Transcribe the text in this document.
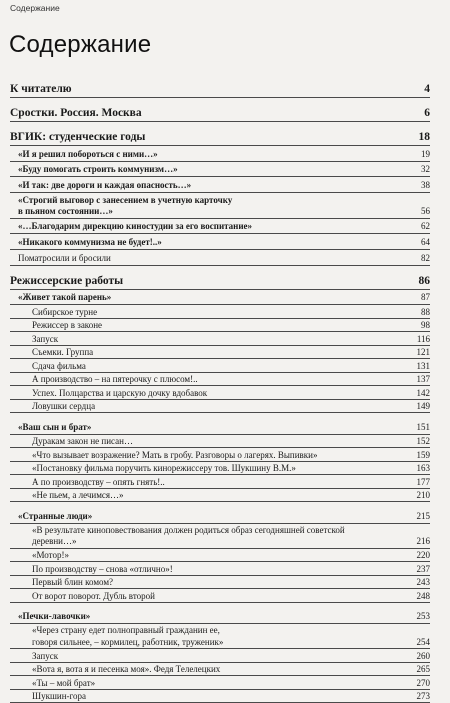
Содержание
Содержание
К читателю	4
Сростки. Россия. Москва	6
ВГИК: студенческие годы	18
«И я решил побороться с ними…»	19
«Буду помогать строить коммунизм…»	32
«И так: две дороги и каждая опасность…»	38
«Строгий выговор с занесением в учетную карточку
в пьяном состоянии…»	56
«…Благодарим дирекцию киностудии за его воспитание»	62
«Никакого коммунизма не будет!..»	64
Поматросили и бросили	82
Режиссерские работы	86
«Живет такой парень»	87
Сибирское турне	88
Режиссер в законе	98
Запуск	116
Съемки. Группа	121
Сдача фильма	131
А производство – на пятерочку с плюсом!..	137
Успех. Полцарства и царскую дочку вдобавок	142
Ловушки сердца	149
«Ваш сын и брат»	151
Дуракам закон не писан…	152
«Что вызывает возражение? Мать в гробу. Разговоры о лагерях. Выпивки»	159
«Постановку фильма поручить кинорежиссеру тов. Шукшину В.М.»	163
А по производству – опять гнять!..	177
«Не пьем, а лечимся…»	210
«Странные люди»	215
«В результате киноповествования должен родиться образ сегодняшней советской
деревни…»	216
«Мотор!»	220
По производству – снова «отлично»!	237
Первый блин комом?	243
От ворот поворот. Дубль второй	248
«Печки-лавочки»	253
«Через страну едет полноправный гражданин ее,
говоря сильнее, – кормилец, работник, труженик»	254
Запуск	260
«Вота я, вота я и песенка моя». Федя Телелецких	265
«Ты – мой брат»	270
Шукшин-гора	273
